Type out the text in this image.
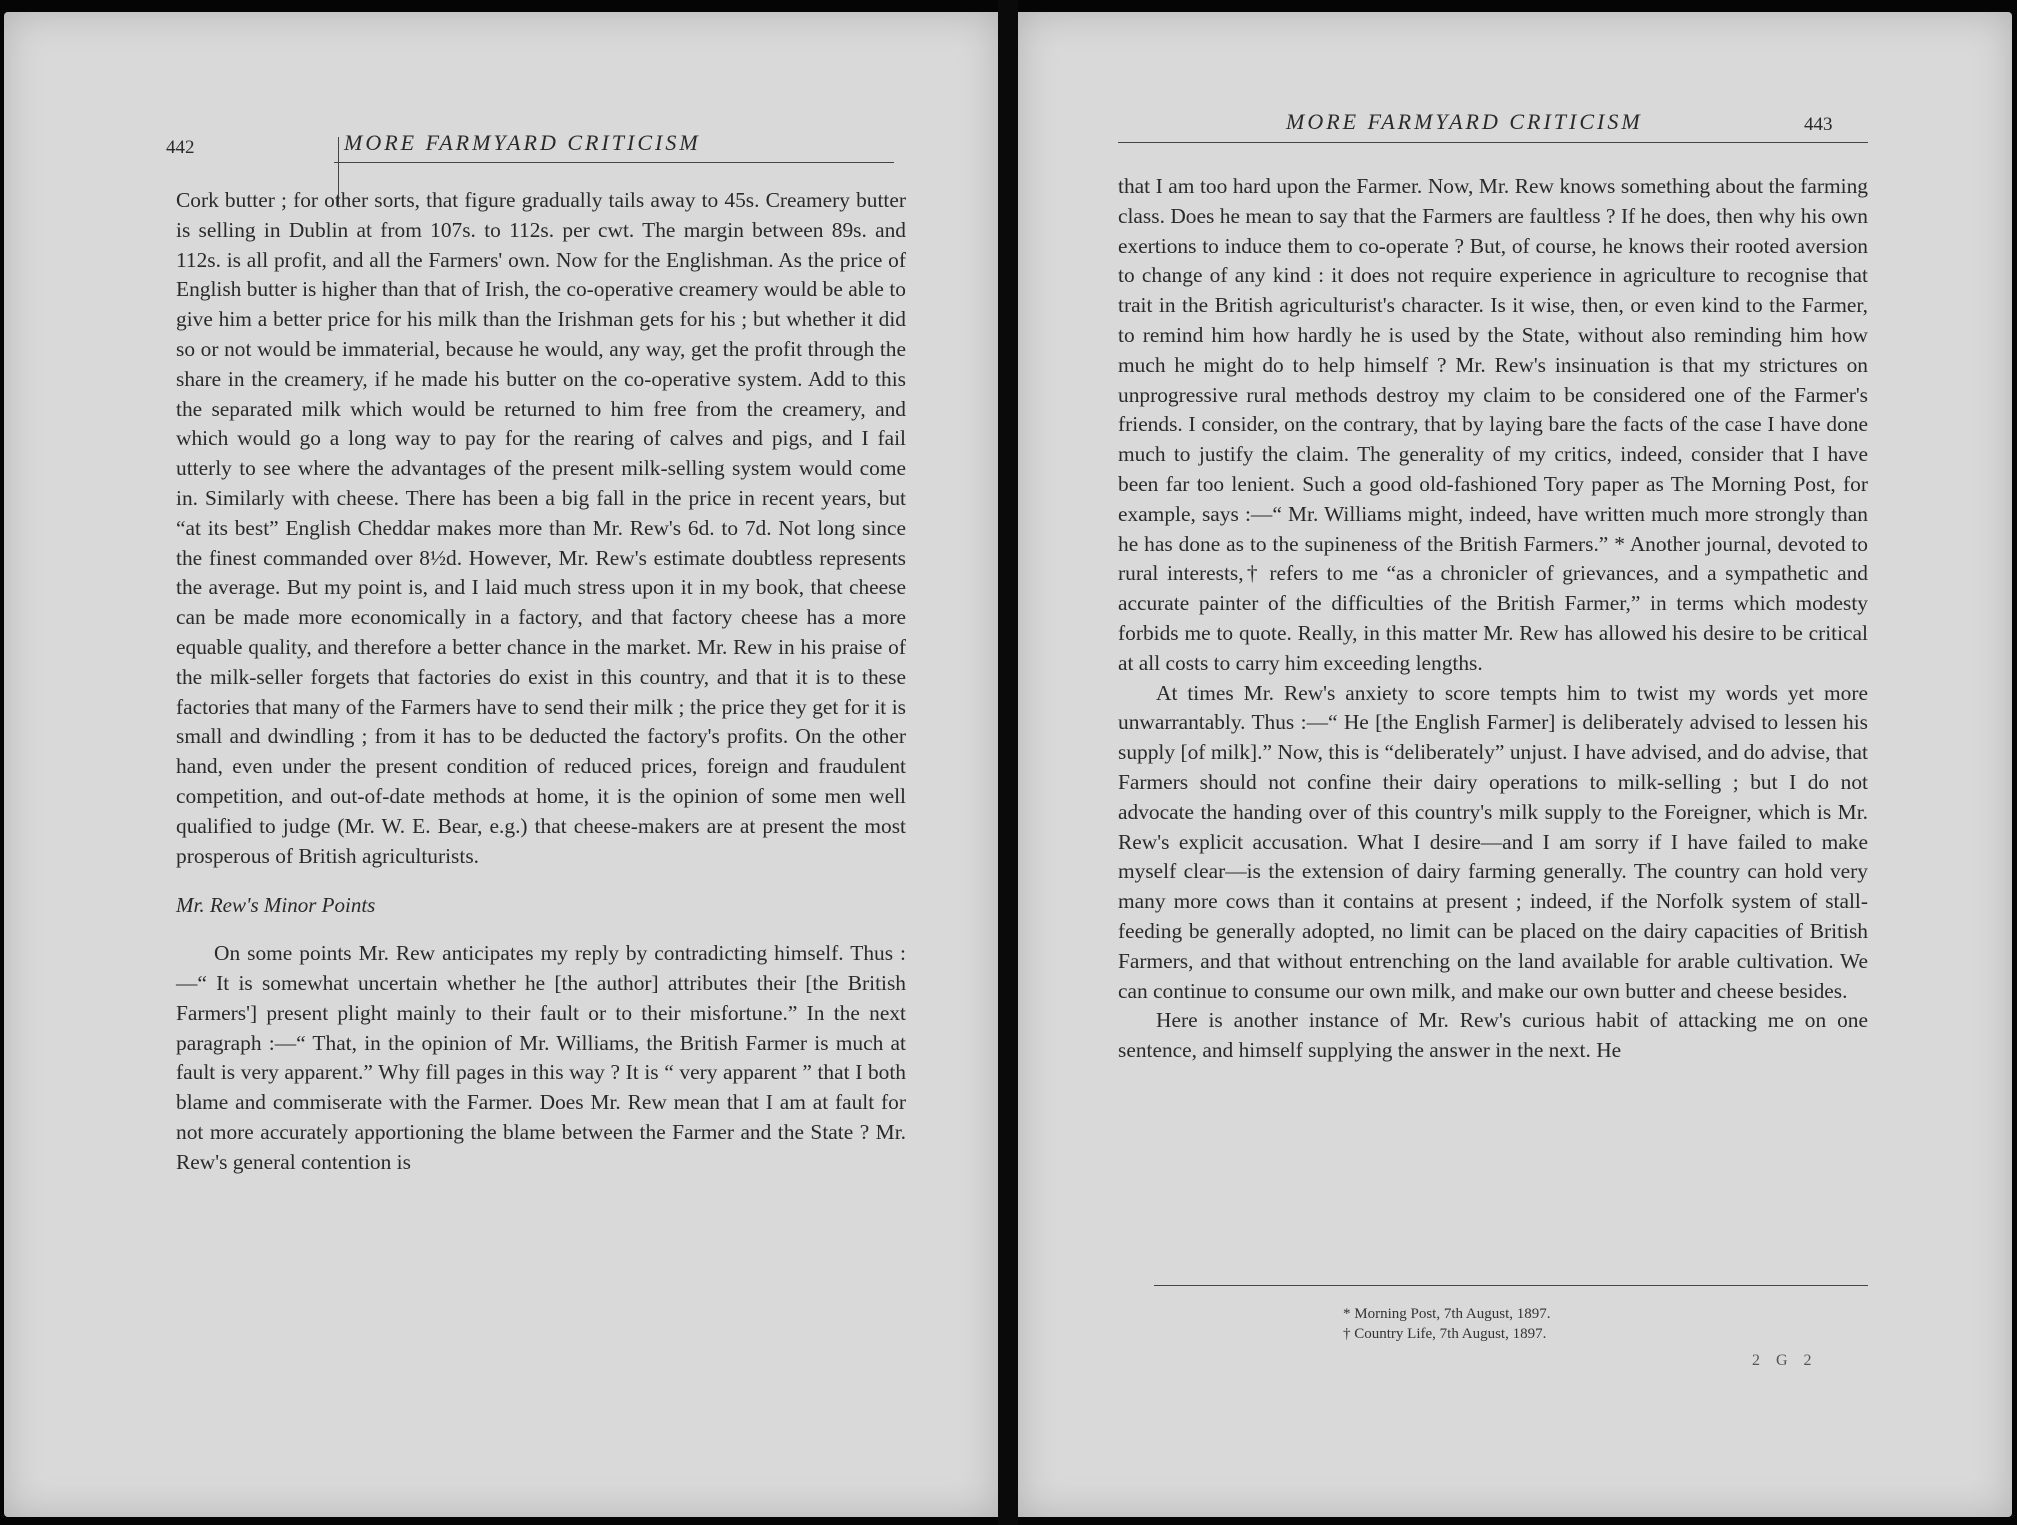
442	MORE FARMYARD CRITICISM

Cork butter ; for other sorts, that figure gradually tails away to 45s. Creamery butter is selling in Dublin at from 107s. to 112s. per cwt. The margin between 89s. and 112s. is all profit, and all the Farmers' own. Now for the Englishman. As the price of English butter is higher than that of Irish, the co-operative creamery would be able to give him a better price for his milk than the Irishman gets for his ; but whether it did so or not would be immaterial, because he would, any way, get the profit through the share in the creamery, if he made his butter on the co-operative system. Add to this the separated milk which would be returned to him free from the creamery, and which would go a long way to pay for the rearing of calves and pigs, and I fail utterly to see where the advantages of the present milk-selling system would come in. Similarly with cheese. There has been a big fall in the price in recent years, but “at its best” English Cheddar makes more than Mr. Rew's 6d. to 7d. Not long since the finest commanded over 8½d. However, Mr. Rew's estimate doubtless represents the average. But my point is, and I laid much stress upon it in my book, that cheese can be made more economically in a factory, and that factory cheese has a more equable quality, and therefore a better chance in the market. Mr. Rew in his praise of the milk-seller forgets that factories do exist in this country, and that it is to these factories that many of the Farmers have to send their milk ; the price they get for it is small and dwindling ; from it has to be deducted the factory's profits. On the other hand, even under the present condition of reduced prices, foreign and fraudulent competition, and out-of-date methods at home, it is the opinion of some men well qualified to judge (Mr. W. E. Bear, e.g.) that cheese-makers are at present the most prosperous of British agriculturists.

Mr. Rew's Minor Points

On some points Mr. Rew anticipates my reply by contradicting himself. Thus :—“ It is somewhat uncertain whether he [the author] attributes their [the British Farmers'] present plight mainly to their fault or to their misfortune.” In the next paragraph :—“ That, in the opinion of Mr. Williams, the British Farmer is much at fault is very apparent.” Why fill pages in this way ? It is “ very apparent ” that I both blame and commiserate with the Farmer. Does Mr. Rew mean that I am at fault for not more accurately apportioning the blame between the Farmer and the State ? Mr. Rew's general contention is

MORE FARMYARD CRITICISM	443

that I am too hard upon the Farmer. Now, Mr. Rew knows something about the farming class. Does he mean to say that the Farmers are faultless ? If he does, then why his own exertions to induce them to co-operate ? But, of course, he knows their rooted aversion to change of any kind : it does not require experience in agriculture to recognise that trait in the British agriculturist's character. Is it wise, then, or even kind to the Farmer, to remind him how hardly he is used by the State, without also reminding him how much he might do to help himself ? Mr. Rew's insinuation is that my strictures on unprogressive rural methods destroy my claim to be considered one of the Farmer's friends. I consider, on the contrary, that by laying bare the facts of the case I have done much to justify the claim. The generality of my critics, indeed, consider that I have been far too lenient. Such a good old-fashioned Tory paper as The Morning Post, for example, says :—“ Mr. Williams might, indeed, have written much more strongly than he has done as to the supineness of the British Farmers.” * Another journal, devoted to rural interests,† refers to me “as a chronicler of grievances, and a sympathetic and accurate painter of the difficulties of the British Farmer,” in terms which modesty forbids me to quote. Really, in this matter Mr. Rew has allowed his desire to be critical at all costs to carry him exceeding lengths.

At times Mr. Rew's anxiety to score tempts him to twist my words yet more unwarrantably. Thus :—“ He [the English Farmer] is deliberately advised to lessen his supply [of milk].” Now, this is “deliberately” unjust. I have advised, and do advise, that Farmers should not confine their dairy operations to milk-selling ; but I do not advocate the handing over of this country's milk supply to the Foreigner, which is Mr. Rew's explicit accusation. What I desire—and I am sorry if I have failed to make myself clear—is the extension of dairy farming generally. The country can hold very many more cows than it contains at present ; indeed, if the Norfolk system of stall-feeding be generally adopted, no limit can be placed on the dairy capacities of British Farmers, and that without entrenching on the land available for arable cultivation. We can continue to consume our own milk, and make our own butter and cheese besides.

Here is another instance of Mr. Rew's curious habit of attacking me on one sentence, and himself supplying the answer in the next. He

* Morning Post, 7th August, 1897.
† Country Life, 7th August, 1897.
2 G 2
